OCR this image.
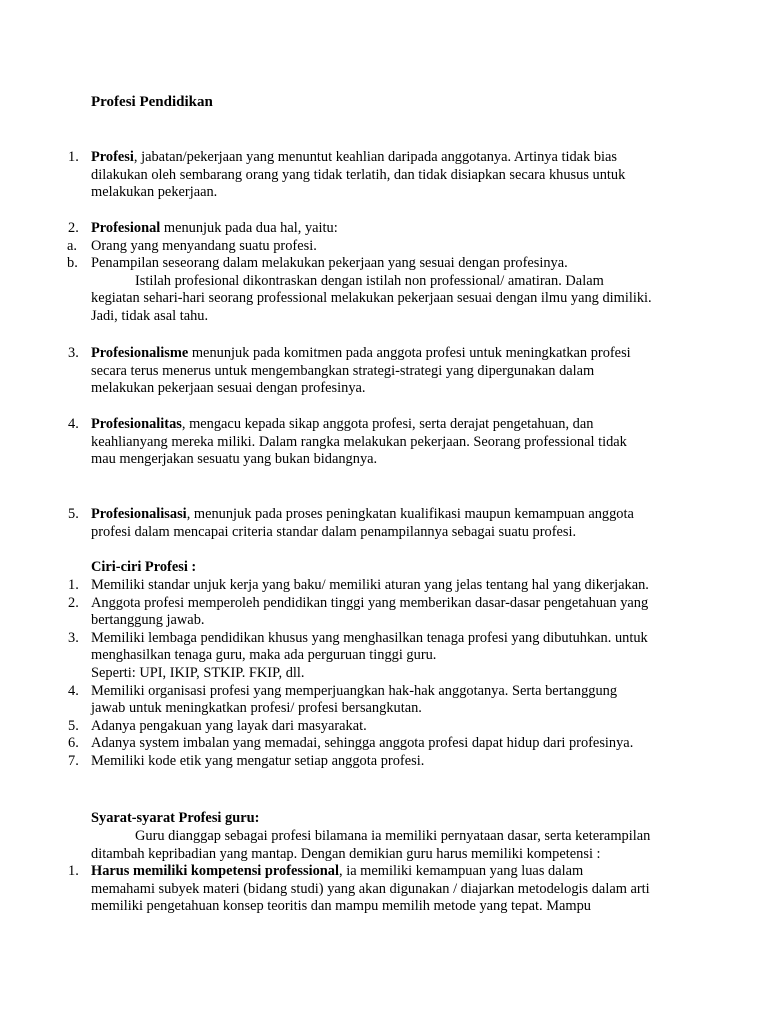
Profesi Pendidikan
1. Profesi, jabatan/pekerjaan yang menuntut keahlian daripada anggotanya. Artinya tidak bias
dilakukan oleh sembarang orang yang tidak terlatih, dan tidak disiapkan secara khusus untuk
melakukan pekerjaan.
2. Profesional menunjuk pada dua hal, yaitu:
a. Orang yang menyandang suatu profesi.
b. Penampilan seseorang dalam melakukan pekerjaan yang sesuai dengan profesinya.
Istilah profesional dikontraskan dengan istilah non professional/ amatiran. Dalam
kegiatan sehari-hari seorang professional melakukan pekerjaan sesuai dengan ilmu yang dimiliki.
Jadi, tidak asal tahu.
3. Profesionalisme menunjuk pada komitmen pada anggota profesi untuk meningkatkan profesi
secara terus menerus untuk mengembangkan strategi-strategi yang dipergunakan dalam
melakukan pekerjaan sesuai dengan profesinya.
4. Profesionalitas, mengacu kepada sikap anggota profesi, serta derajat pengetahuan, dan
keahlianyang mereka miliki. Dalam rangka melakukan pekerjaan. Seorang professional tidak
mau mengerjakan sesuatu yang bukan bidangnya.
5. Profesionalisasi, menunjuk pada proses peningkatan kualifikasi maupun kemampuan anggota
profesi dalam mencapai criteria standar dalam penampilannya sebagai suatu profesi.
Ciri-ciri Profesi :
1. Memiliki standar unjuk kerja yang baku/ memiliki aturan yang jelas tentang hal yang dikerjakan.
2. Anggota profesi memperoleh pendidikan tinggi yang memberikan dasar-dasar pengetahuan yang
bertanggung jawab.
3. Memiliki lembaga pendidikan khusus yang menghasilkan tenaga profesi yang dibutuhkan. untuk
menghasilkan tenaga guru, maka ada perguruan tinggi guru.
Seperti: UPI, IKIP, STKIP. FKIP, dll.
4. Memiliki organisasi profesi yang memperjuangkan hak-hak anggotanya. Serta bertanggung
jawab untuk meningkatkan profesi/ profesi bersangkutan.
5. Adanya pengakuan yang layak dari masyarakat.
6. Adanya system imbalan yang memadai, sehingga anggota profesi dapat hidup dari profesinya.
7. Memiliki kode etik yang mengatur setiap anggota profesi.
Syarat-syarat Profesi guru:
Guru dianggap sebagai profesi bilamana ia memiliki pernyataan dasar, serta keterampilan
ditambah kepribadian yang mantap. Dengan demikian guru harus memiliki kompetensi :
1. Harus memiliki kompetensi professional, ia memiliki kemampuan yang luas dalam
memahami subyek materi (bidang studi) yang akan digunakan / diajarkan metodelogis dalam arti
memiliki pengetahuan konsep teoritis dan mampu memilih metode yang tepat. Mampu
